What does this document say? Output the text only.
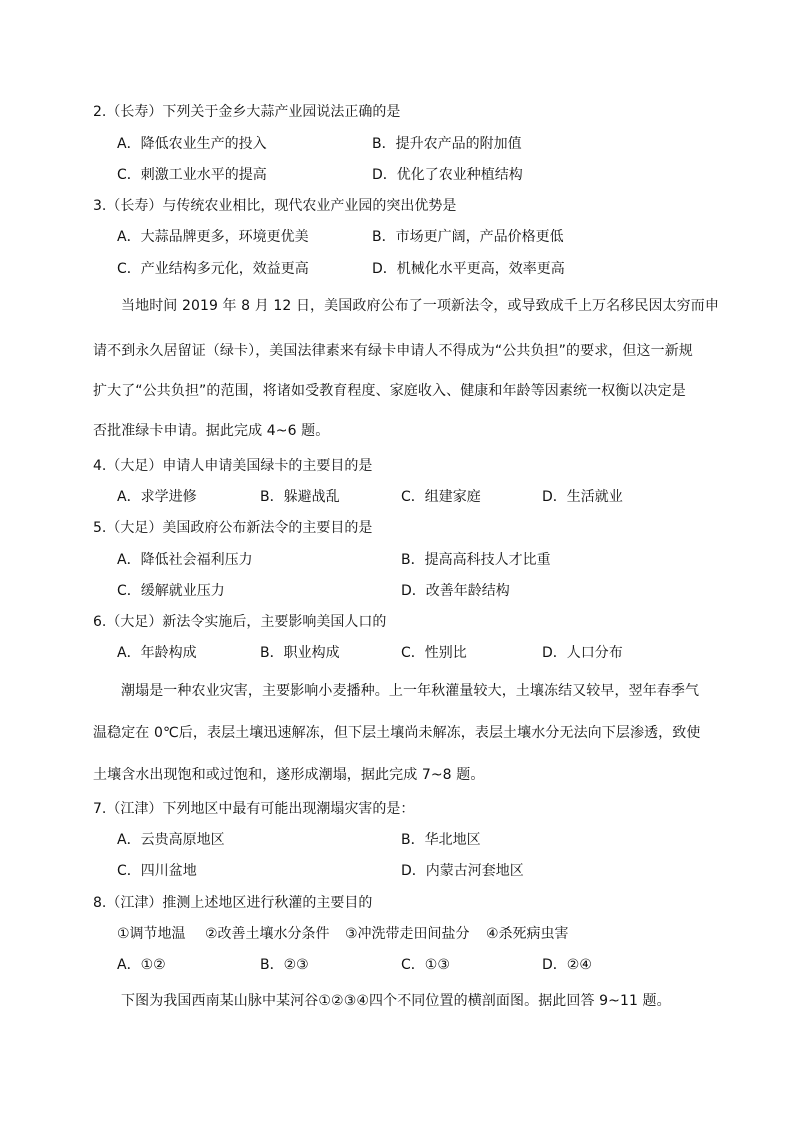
2.（长寿）下列关于金乡大蒜产业园说法正确的是
A．降低农业生产的投入	B．提升农产品的附加值
C．刺激工业水平的提高	D．优化了农业种植结构
3.（长寿）与传统农业相比，现代农业产业园的突出优势是
A．大蒜品牌更多，环境更优美	B．市场更广阔，产品价格更低
C．产业结构多元化，效益更高	D．机械化水平更高，效率更高
当地时间 2019 年 8 月 12 日，美国政府公布了一项新法令，或导致成千上万名移民因太穷而申
请不到永久居留证（绿卡），美国法律素来有绿卡申请人不得成为“公共负担”的要求，但这一新规
扩大了“公共负担”的范围，将诸如受教育程度、家庭收入、健康和年龄等因素统一权衡以决定是
否批准绿卡申请。据此完成 4~6 题。
4.（大足）申请人申请美国绿卡的主要目的是
A．求学进修	B．躲避战乱	C．组建家庭	D．生活就业
5.（大足）美国政府公布新法令的主要目的是
A．降低社会福利压力	B．提高高科技人才比重
C．缓解就业压力	D．改善年龄结构
6.（大足）新法令实施后，主要影响美国人口的
A．年龄构成	B．职业构成	C．性别比	D．人口分布
潮塌是一种农业灾害，主要影响小麦播种。上一年秋灌量较大，土壤冻结又较早，翌年春季气
温稳定在 0℃后，表层土壤迅速解冻，但下层土壤尚未解冻，表层土壤水分无法向下层渗透，致使
土壤含水出现饱和或过饱和，遂形成潮塌，据此完成 7~8 题。
7.（江津）下列地区中最有可能出现潮塌灾害的是：
A．云贵高原地区	B．华北地区
C．四川盆地	D．内蒙古河套地区
8.（江津）推测上述地区进行秋灌的主要目的
①调节地温 ②改善土壤水分条件 ③冲洗带走田间盐分 ④杀死病虫害
A．①②	B．②③	C．①③	D．②④
下图为我国西南某山脉中某河谷①②③④四个不同位置的横剖面图。据此回答 9~11 题。
